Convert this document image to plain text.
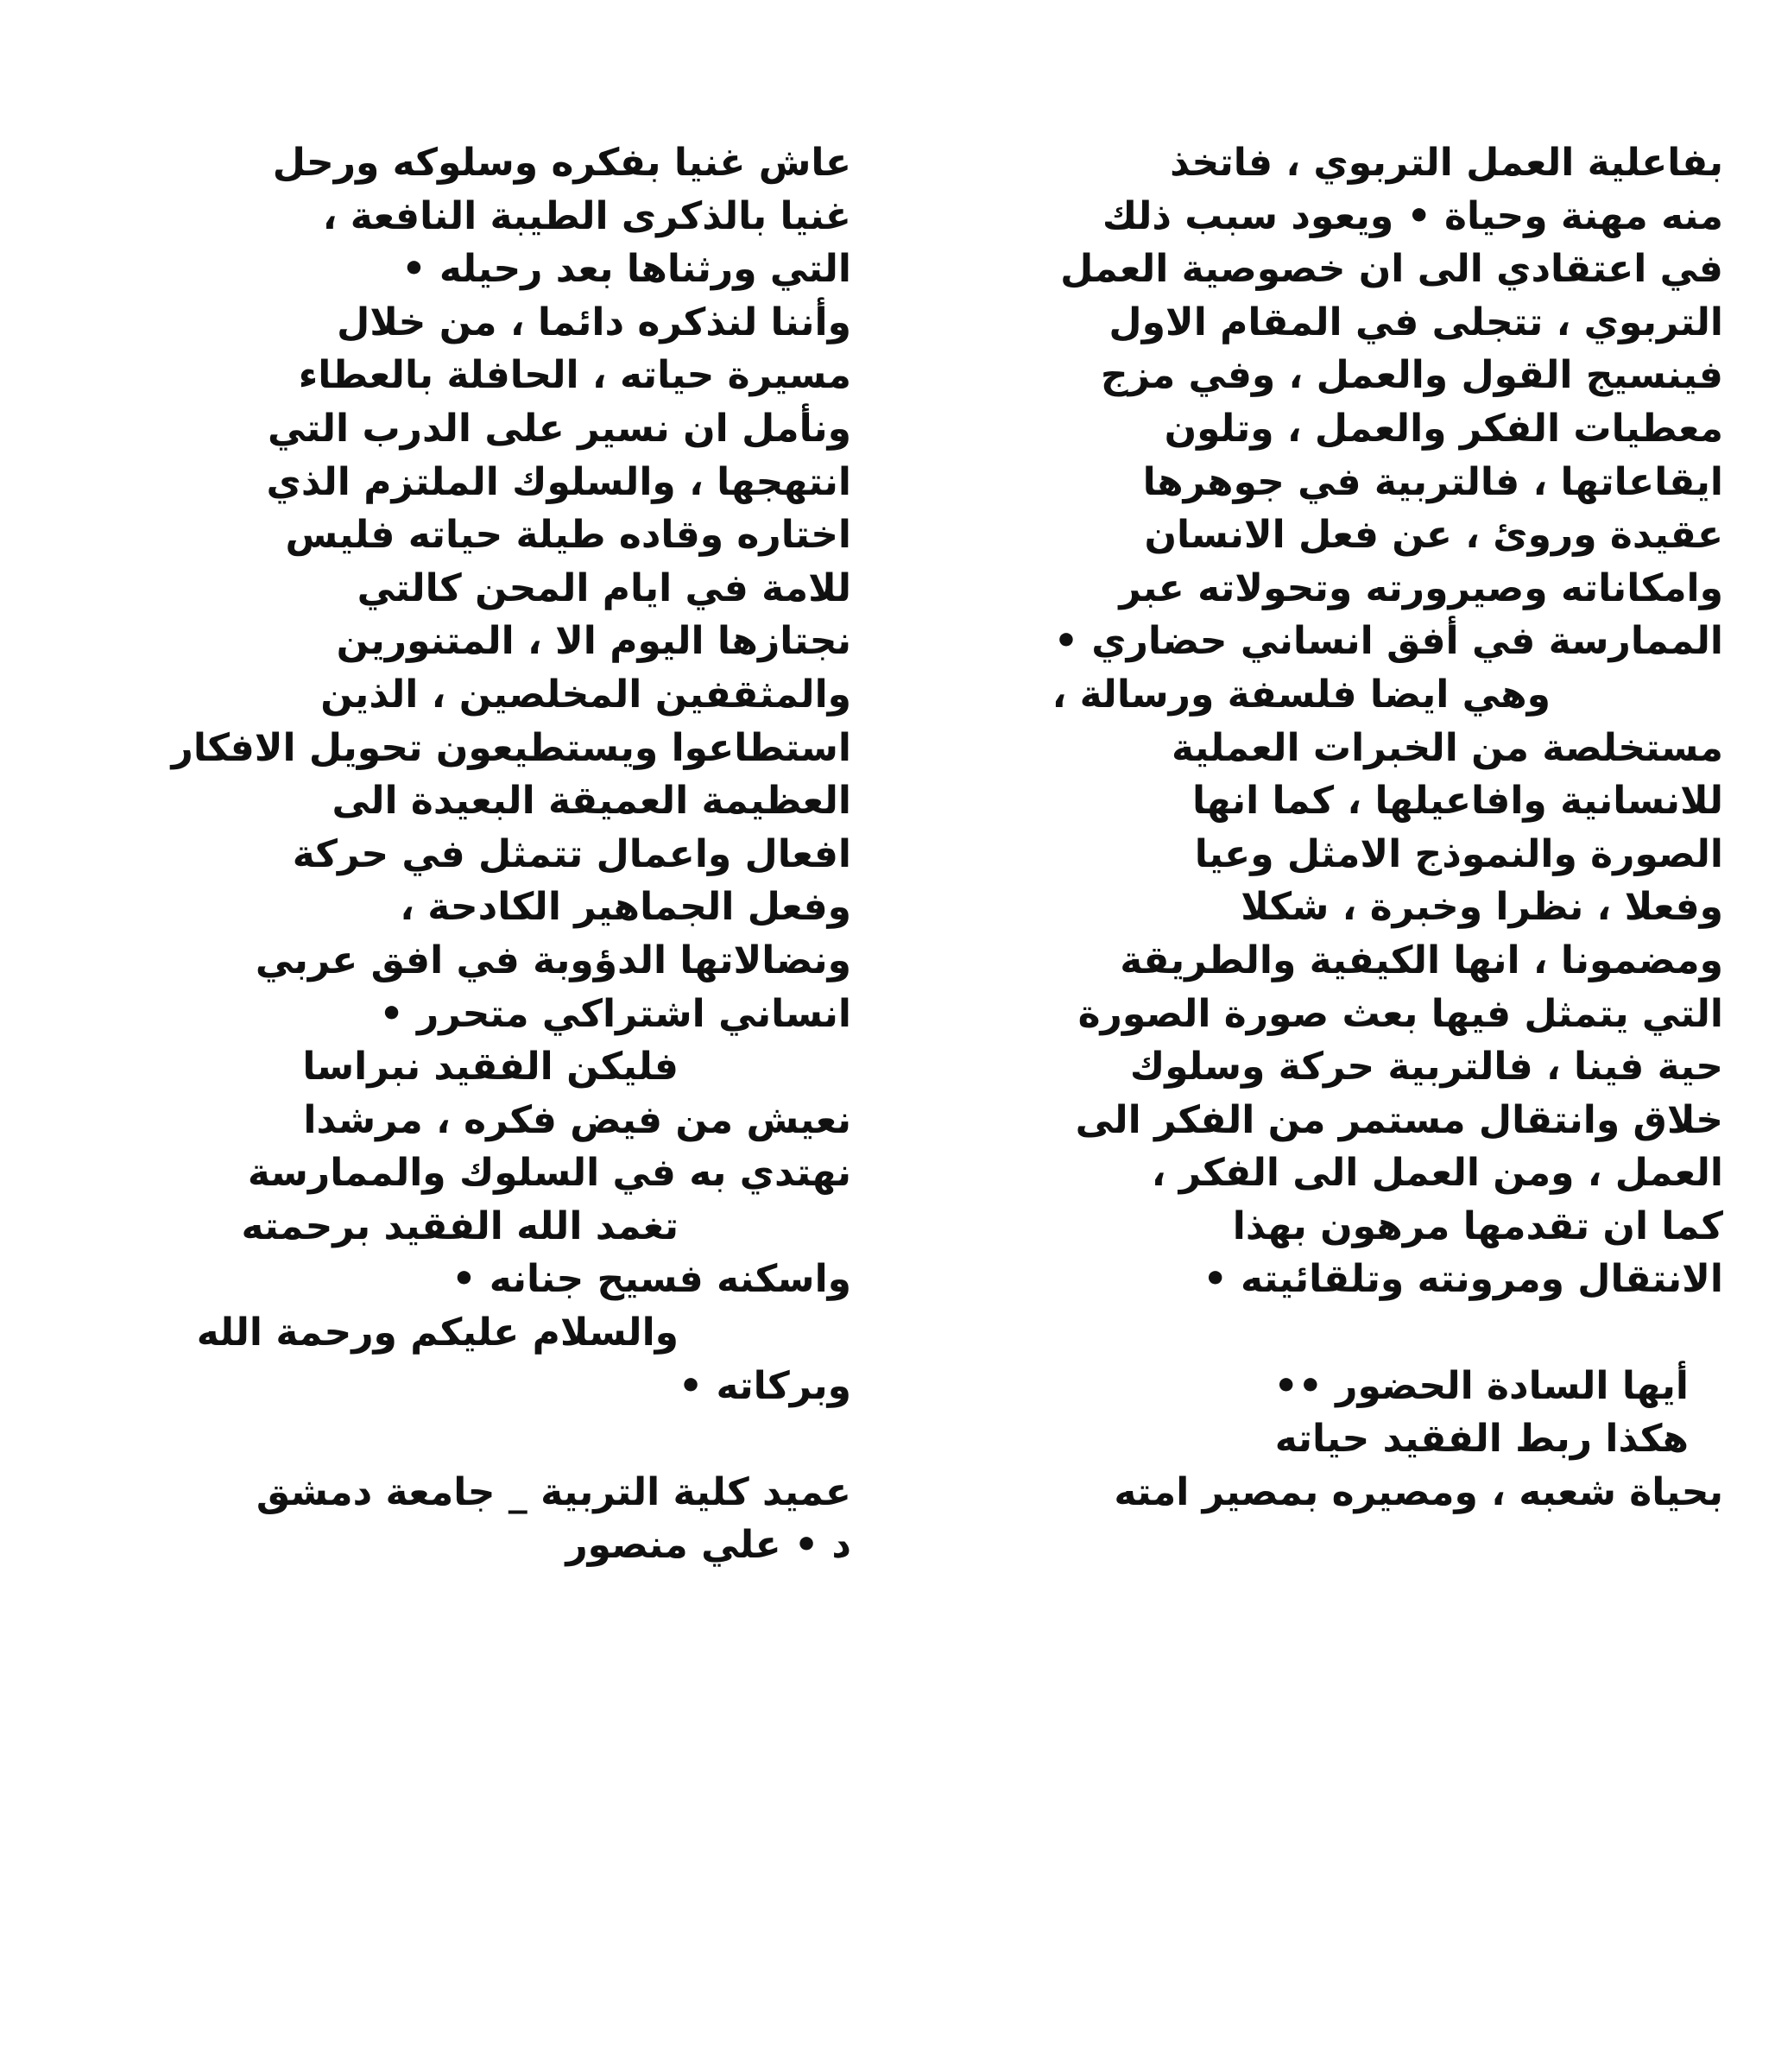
بفاعلية العمل التربوي ، فاتخذ
منه مهنة وحياة • ويعود سبب ذلك
في اعتقادي الى ان خصوصية العمل
التربوي ، تتجلى في المقام الاول
فينسيج القول والعمل ، وفي مزج
معطيات الفكر والعمل ، وتلون
ايقاعاتها ، فالتربية في جوهرها
عقيدة وروئ ، عن فعل الانسان
وامكاناته وصيرورته وتحولاته عبر
الممارسة في أفق انساني حضاري •
وهي ايضا فلسفة ورسالة ،
مستخلصة من الخبرات العملية
للانسانية وافاعيلها ، كما انها
الصورة والنموذج الامثل وعيا
وفعلا ، نظرا وخبرة ، شكلا
ومضمونا ، انها الكيفية والطريقة
التي يتمثل فيها بعث صورة الصورة
حية فينا ، فالتربية حركة وسلوك
خلاق وانتقال مستمر من الفكر الى
العمل ، ومن العمل الى الفكر ،
كما ان تقدمها مرهون بهذا
الانتقال ومرونته وتلقائيته •
أيها السادة الحضور ••
هكذا ربط الفقيد حياته
بحياة شعبه ، ومصيره بمصير امته
عاش غنيا بفكره وسلوكه ورحل
غنيا بالذكرى الطيبة النافعة ،
التي ورثناها بعد رحيله •
وأننا لنذكره دائما ، من خلال
مسيرة حياته ، الحافلة بالعطاء
ونأمل ان نسير على الدرب التي
انتهجها ، والسلوك الملتزم الذي
اختاره وقاده طيلة حياته فليس
للامة في ايام المحن كالتي
نجتازها اليوم الا ، المتنورين
والمثقفين المخلصين ، الذين
استطاعوا ويستطيعون تحويل الافكار
العظيمة العميقة البعيدة الى
افعال واعمال تتمثل في حركة
وفعل الجماهير الكادحة ،
ونضالاتها الدؤوبة في افق عربي
انساني اشتراكي متحرر •
فليكن الفقيد نبراسا
نعيش من فيض فكره ، مرشدا
نهتدي به في السلوك والممارسة
تغمد الله الفقيد برحمته
واسكنه فسيح جنانه •
والسلام عليكم ورحمة الله
وبركاته •
عميد كلية التربية _ جامعة دمشق
د • علي منصور
